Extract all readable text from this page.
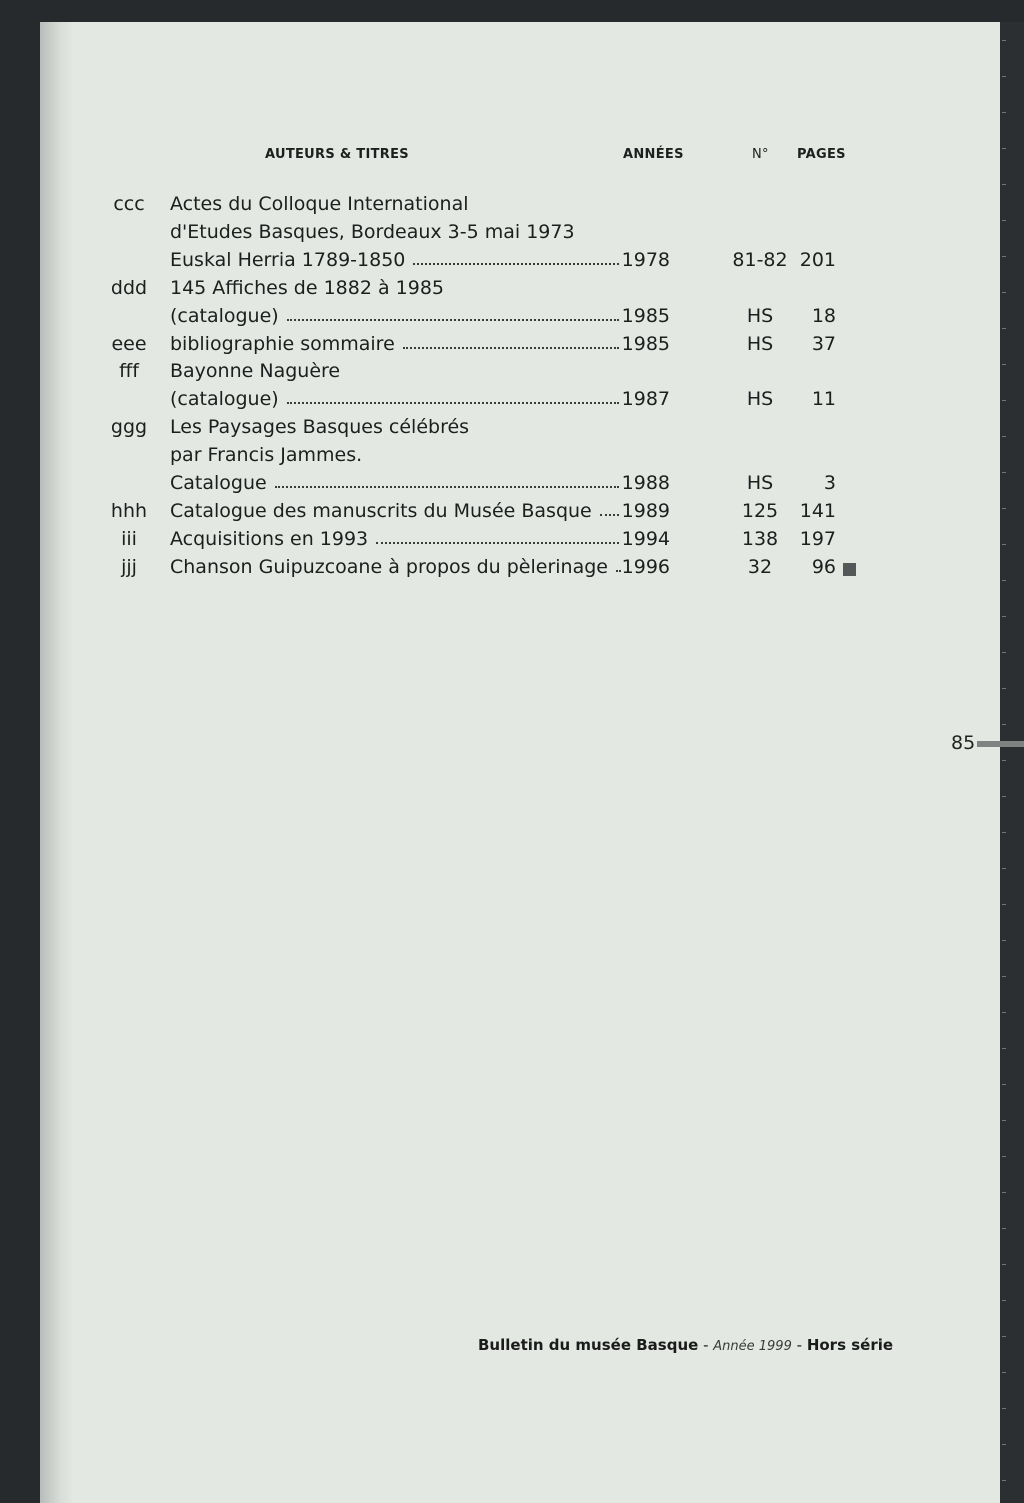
AUTEURS & TITRES	ANNÉES	N° PAGES
ccc Actes du Colloque International
d'Etudes Basques, Bordeaux 3-5 mai 1973
Euskal Herria 1789-1850	1978	81-82 201
ddd 145 Affiches de 1882 à 1985
(catalogue)	1985	HS	18
eee bibliographie sommaire	1985	HS	37
fff	Bayonne Naguère
(catalogue)	1987	HS	11
ggg Les Paysages Basques célébrés
par Francis Jammes.
Catalogue	1988	HS	3
hhh Catalogue des manuscrits du Musée Basque 1989	125	141
iii	Acquisitions en 1993	1994	138	197
jjj	Chanson Guipuzcoane à propos du pèlerinage 1996	32	96
85
Bulletin du musée Basque - Année 1999 - Hors série
